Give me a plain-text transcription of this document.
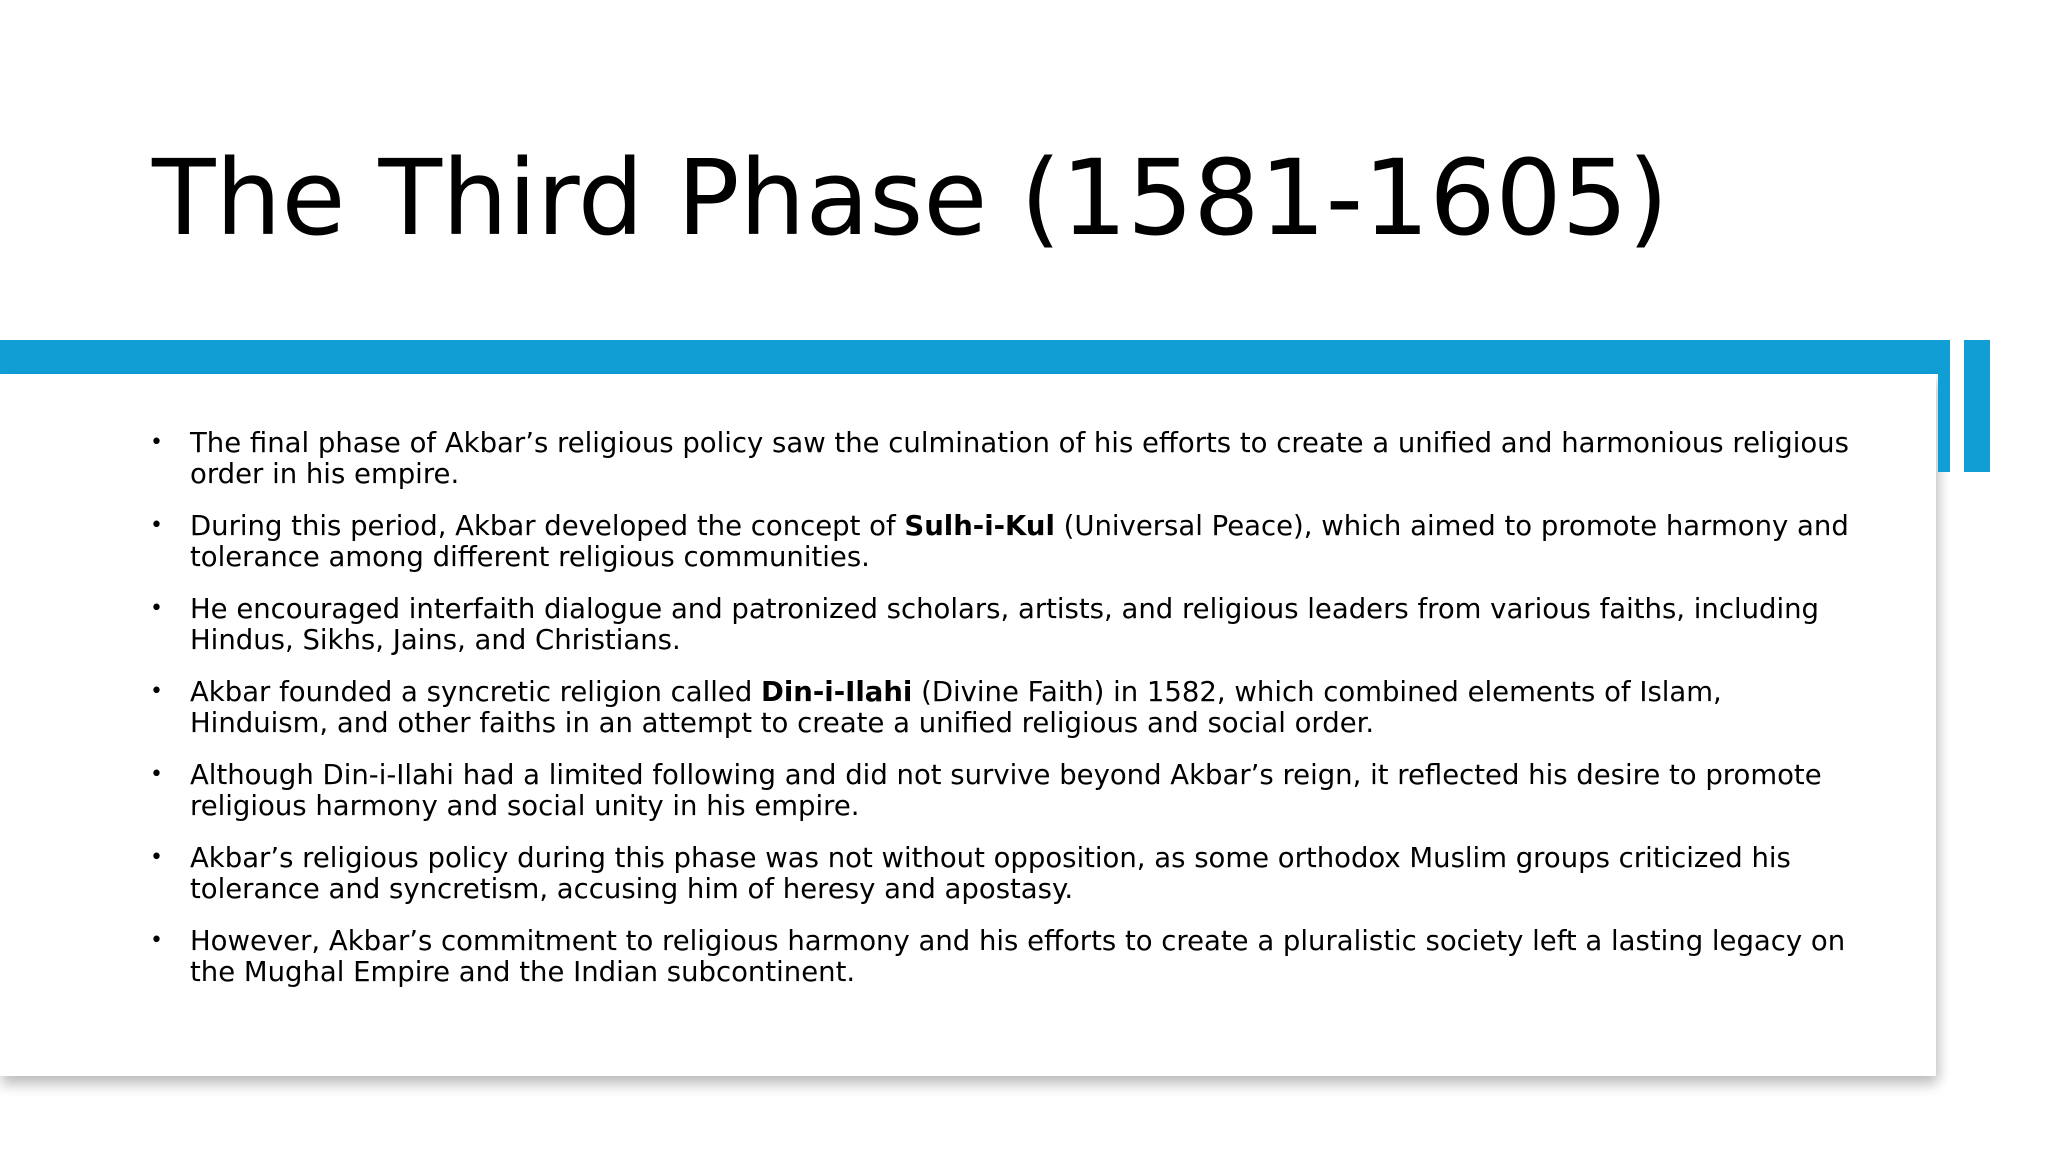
The Third Phase (1581-1605)
• The final phase of Akbar’s religious policy saw the culmination of his efforts to create a unified and harmonious religious order in his empire.
• During this period, Akbar developed the concept of Sulh-i-Kul (Universal Peace), which aimed to promote harmony and tolerance among different religious communities.
• He encouraged interfaith dialogue and patronized scholars, artists, and religious leaders from various faiths, including Hindus, Sikhs, Jains, and Christians.
• Akbar founded a syncretic religion called Din-i-Ilahi (Divine Faith) in 1582, which combined elements of Islam, Hinduism, and other faiths in an attempt to create a unified religious and social order.
• Although Din-i-Ilahi had a limited following and did not survive beyond Akbar’s reign, it reflected his desire to promote religious harmony and social unity in his empire.
• Akbar’s religious policy during this phase was not without opposition, as some orthodox Muslim groups criticized his tolerance and syncretism, accusing him of heresy and apostasy.
• However, Akbar’s commitment to religious harmony and his efforts to create a pluralistic society left a lasting legacy on the Mughal Empire and the Indian subcontinent.
